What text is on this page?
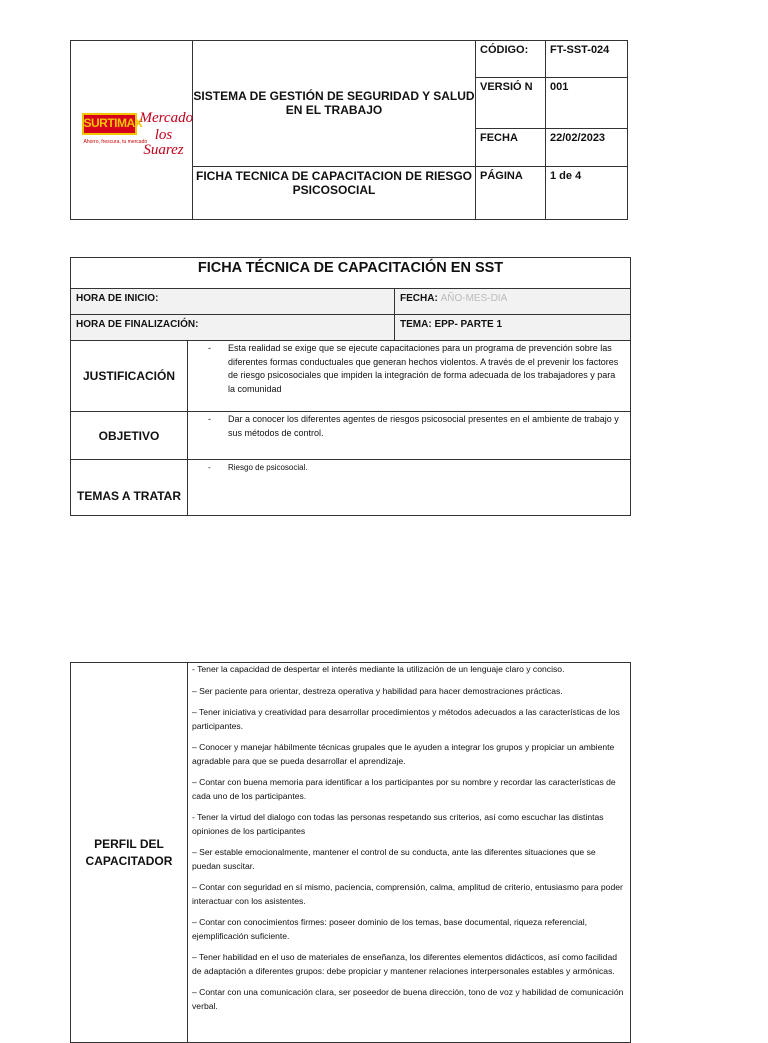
SURTIMAX
Ahorro, frescura, tu mercado
Mercado
los Suarez	SISTEMA DE GESTIÓN DE SEGURIDAD Y SALUD EN EL TRABAJO	CÓDIGO:	FT-SST-024
		VERSIÓ N	001
		FECHA	22/02/2023
	FICHA TECNICA DE CAPACITACION DE RIESGO PSICOSOCIAL	PÁGINA	1 de 4
FICHA TÉCNICA DE CAPACITACIÓN EN SST		
HORA DE INICIO:		FECHA: AÑO-MES-DIA
HORA DE FINALIZACIÓN:		TEMA: EPP- PARTE 1
JUSTIFICACIÓN	- Esta realidad se exige que se ejecute capacitaciones para un programa de prevención sobre las diferentes formas conductuales que generan hechos violentos. A través de el prevenir los factores de riesgo psicosociales que impiden la integración de forma adecuada de los trabajadores y para la comunidad	

OBJETIVO	- Dar a conocer los diferentes agentes de riesgos psicosocial presentes en el ambiente de trabajo y sus métodos de control.	

TEMAS A TRATAR	- Riesgo de psicosocial.	
PERFIL DEL
CAPACITADOR

- Tener la capacidad de despertar el interés mediante la utilización de un lenguaje claro y conciso.

– Ser paciente para orientar, destreza operativa y habilidad para hacer demostraciones prácticas.

– Tener iniciativa y creatividad para desarrollar procedimientos y métodos adecuados a las características de los participantes.

– Conocer y manejar hábilmente técnicas grupales que le ayuden a integrar los grupos y propiciar un ambiente agradable para que se pueda desarrollar el aprendizaje.

– Contar con buena memoria para identificar a los participantes por su nombre y recordar las características de cada uno de los participantes.

- Tener la virtud del dialogo con todas las personas respetando sus criterios, así como escuchar las distintas opiniones de los participantes

– Ser estable emocionalmente, mantener el control de su conducta, ante las diferentes situaciones que se puedan suscitar.

– Contar con seguridad en sí mismo, paciencia, comprensión, calma, amplitud de criterio, entusiasmo para poder interactuar con los asistentes.

– Contar con conocimientos firmes: poseer dominio de los temas, base documental, riqueza referencial, ejemplificación suficiente.

– Tener habilidad en el uso de materiales de enseñanza, los diferentes elementos didácticos, así como facilidad de adaptación a diferentes grupos: debe propiciar y mantener relaciones interpersonales estables y armónicas.

– Contar con una comunicación clara, ser poseedor de buena dirección, tono de voz y habilidad de comunicación verbal.
